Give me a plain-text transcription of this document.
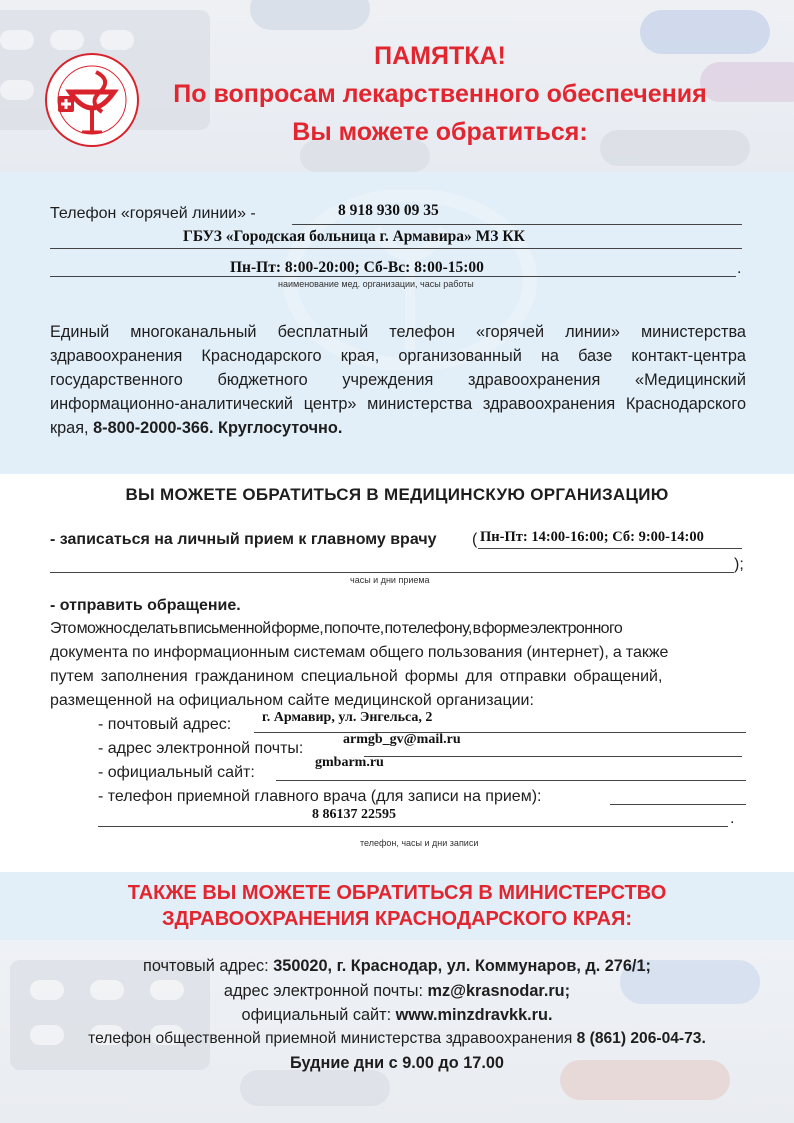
ПАМЯТКА!
По вопросам лекарственного обеспечения
Вы можете обратиться:
Телефон «горячей линии» -	8 918 930 09 35
ГБУЗ «Городская больница г. Армавира» МЗ КК
Пн-Пт: 8:00-20:00; Сб-Вс: 8:00-15:00	.
наименование мед. организации, часы работы
Единый многоканальный бесплатный телефон «горячей линии» министерства здравоохранения Краснодарского края, организованный на базе контакт-центра государственного бюджетного учреждения здравоохранения «Медицинский информационно-аналитический центр» министерства здравоохранения Краснодарского края, 8-800-2000-366. Круглосуточно.
ВЫ МОЖЕТЕ ОБРАТИТЬСЯ В МЕДИЦИНСКУЮ ОРГАНИЗАЦИЮ
- записаться на личный прием к главному врачу ( Пн-Пт: 14:00-16:00; Сб: 9:00-14:00
);
часы и дни приема
- отправить обращение.
Это можно сделать в письменной форме, по почте, по телефону, в форме электронного
документа по информационным системам общего пользования (интернет), а также
путем заполнения гражданином специальной формы для отправки обращений,
размещенной на официальном сайте медицинской организации:
- почтовый адрес: г. Армавир, ул. Энгельса, 2
- адрес электронной почты:
armgb_gv@mail.ru
- официальный сайт:
gmbarm.ru
- телефон приемной главного врача (для записи на прием):
8 86137 22595	.
телефон, часы и дни записи
ТАКЖЕ ВЫ МОЖЕТЕ ОБРАТИТЬСЯ В МИНИСТЕРСТВО
ЗДРАВООХРАНЕНИЯ КРАСНОДАРСКОГО КРАЯ:
почтовый адрес: 350020, г. Краснодар, ул. Коммунаров, д. 276/1;
адрес электронной почты: mz@krasnodar.ru;
официальный сайт: www.minzdravkk.ru.
телефон общественной приемной министерства здравоохранения 8 (861) 206-04-73.
Будние дни с 9.00 до 17.00
